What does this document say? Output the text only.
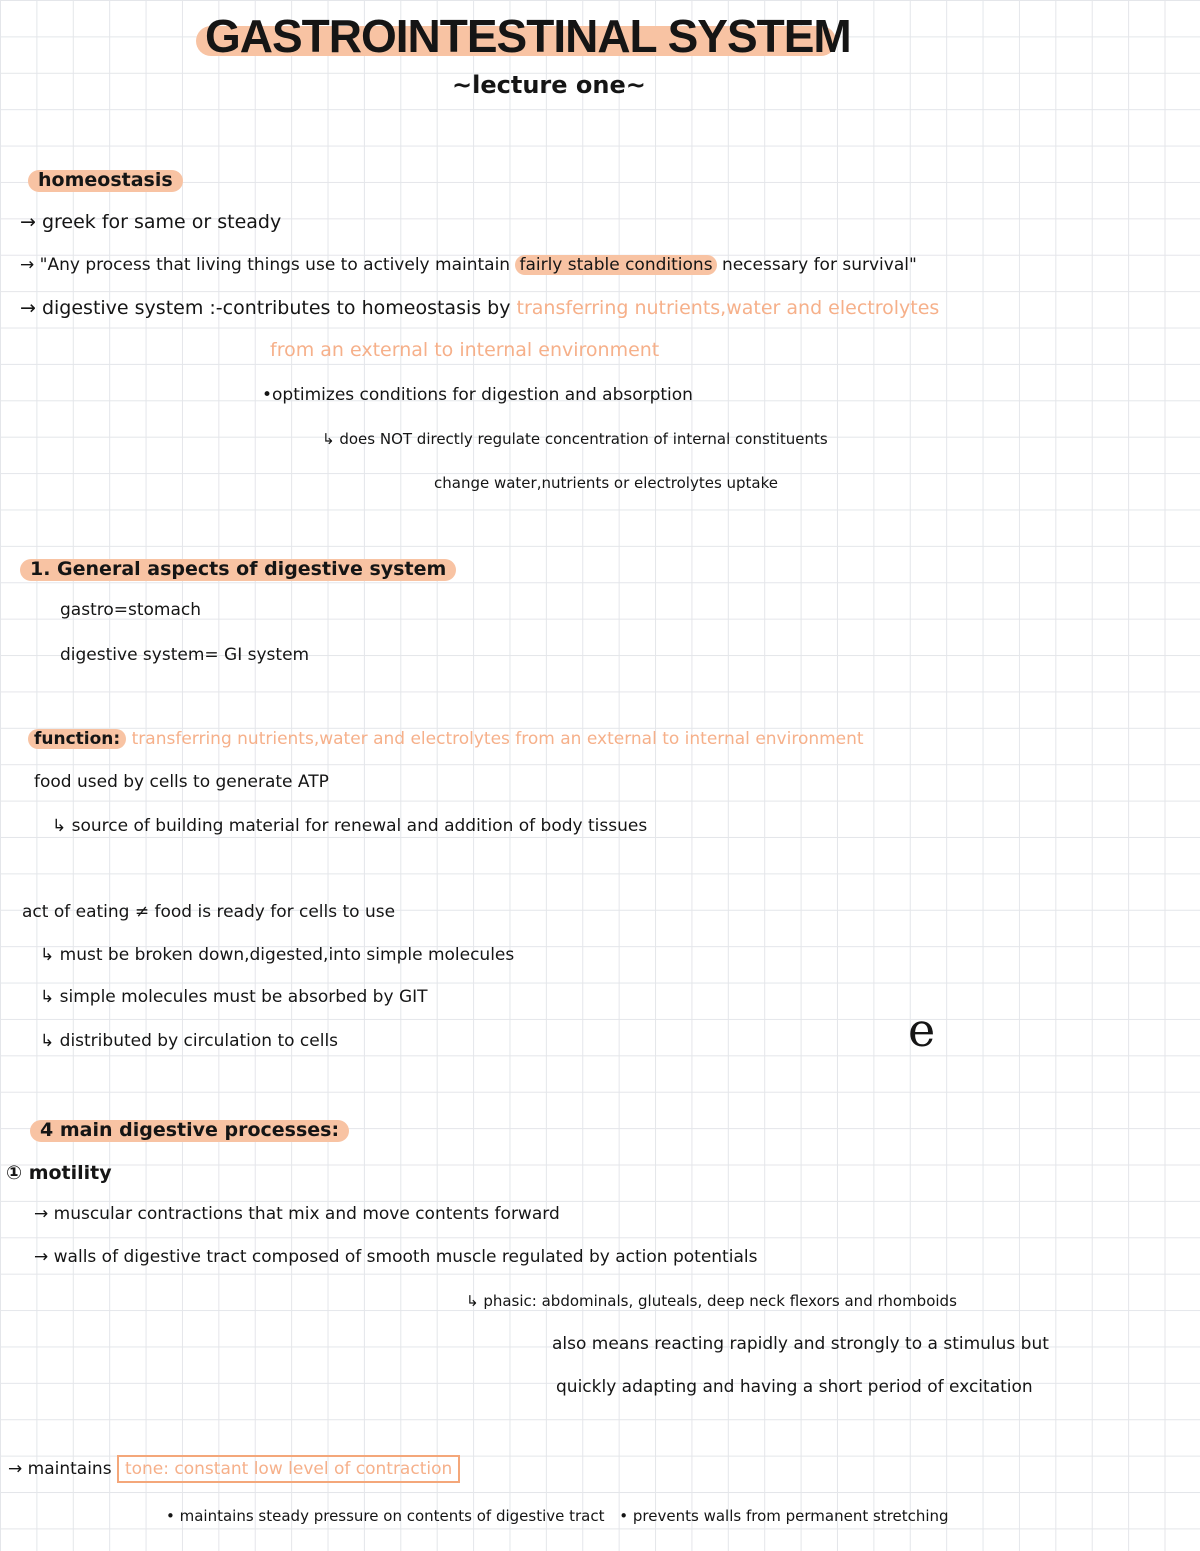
GASTROINTESTINAL SYSTEM
~lecture one~
homeostasis
→ greek for same or steady
→ "Any process that living things use to actively maintain fairly stable conditions necessary for survival"
→ digestive system :-contributes to homeostasis by transferring nutrients,water and electrolytes
from an external to internal environment
•optimizes conditions for digestion and absorption
↳ does NOT directly regulate concentration of internal constituents
change water,nutrients or electrolytes uptake
1. General aspects of digestive system
gastro=stomach
digestive system= GI system
function: transferring nutrients,water and electrolytes from an external to internal environment
food used by cells to generate ATP
↳ source of building material for renewal and addition of body tissues
act of eating ≠ food is ready for cells to use
↳ must be broken down,digested,into simple molecules
↳ simple molecules must be absorbed by GIT
↳ distributed by circulation to cells	e
4 main digestive processes:
① motility
→ muscular contractions that mix and move contents forward
→ walls of digestive tract composed of smooth muscle regulated by action potentials
↳ phasic: abdominals, gluteals, deep neck flexors and rhomboids
also means reacting rapidly and strongly to a stimulus but
quickly adapting and having a short period of excitation
→ maintains tone: constant low level of contraction
• maintains steady pressure on contents of digestive tract • prevents walls from permanent stretching
